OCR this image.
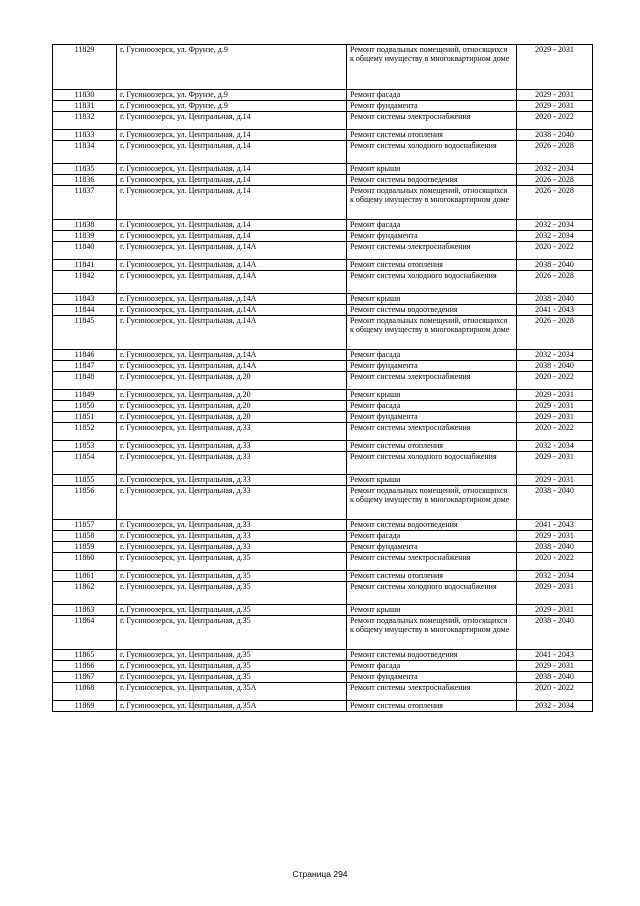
11829	г. Гусиноозерск, ул. Фрунзе, д.9	Ремонт подвальных помещений, относящихся к общему имуществу в многоквартирном доме	2029 - 2031
11830	г. Гусиноозерск, ул. Фрунзе, д.9	Ремонт фасада	2029 - 2031
11831	г. Гусиноозерск, ул. Фрунзе, д.9	Ремонт фундамента	2029 - 2031
11832	г. Гусиноозерск, ул. Центральная, д.14	Ремонт системы электроснабжения	2020 - 2022
11833	г. Гусиноозерск, ул. Центральная, д.14	Ремонт системы отопления	2038 - 2040
11834	г. Гусиноозерск, ул. Центральная, д.14	Ремонт системы холодного водоснабжения	2026 - 2028
11835	г. Гусиноозерск, ул. Центральная, д.14	Ремонт крыши	2032 - 2034
11836	г. Гусиноозерск, ул. Центральная, д.14	Ремонт системы водоотведения	2026 - 2028
11837	г. Гусиноозерск, ул. Центральная, д.14	Ремонт подвальных помещений, относящихся к общему имуществу в многоквартирном доме	2026 - 2028
11838	г. Гусиноозерск, ул. Центральная, д.14	Ремонт фасада	2032 - 2034
11839	г. Гусиноозерск, ул. Центральная, д.14	Ремонт фундамента	2032 - 2034
11840	г. Гусиноозерск, ул. Центральная, д.14А	Ремонт системы электроснабжения	2020 - 2022
11841	г. Гусиноозерск, ул. Центральная, д.14А	Ремонт системы отопления	2038 - 2040
11842	г. Гусиноозерск, ул. Центральная, д.14А	Ремонт системы холодного водоснабжения	2026 - 2028
11843	г. Гусиноозерск, ул. Центральная, д.14А	Ремонт крыши	2038 - 2040
11844	г. Гусиноозерск, ул. Центральная, д.14А	Ремонт системы водоотведения	2041 - 2043
11845	г. Гусиноозерск, ул. Центральная, д.14А	Ремонт подвальных помещений, относящихся к общему имуществу в многоквартирном доме	2026 - 2028
11846	г. Гусиноозерск, ул. Центральная, д.14А	Ремонт фасада	2032 - 2034
11847	г. Гусиноозерск, ул. Центральная, д.14А	Ремонт фундамента	2038 - 2040
11848	г. Гусиноозерск, ул. Центральная, д.20	Ремонт системы электроснабжения	2020 - 2022
11849	г. Гусиноозерск, ул. Центральная, д.20	Ремонт крыши	2029 - 2031
11850	г. Гусиноозерск, ул. Центральная, д.20	Ремонт фасада	2029 - 2031
11851	г. Гусиноозерск, ул. Центральная, д.20	Ремонт фундамента	2029 - 2031
11852	г. Гусиноозерск, ул. Центральная, д.33	Ремонт системы электроснабжения	2020 - 2022
11853	г. Гусиноозерск, ул. Центральная, д.33	Ремонт системы отопления	2032 - 2034
11854	г. Гусиноозерск, ул. Центральная, д.33	Ремонт системы холодного водоснабжения	2029 - 2031
11855	г. Гусиноозерск, ул. Центральная, д.33	Ремонт крыши	2029 - 2031
11856	г. Гусиноозерск, ул. Центральная, д.33	Ремонт подвальных помещений, относящихся к общему имуществу в многоквартирном доме	2038 - 2040
11857	г. Гусиноозерск, ул. Центральная, д.33	Ремонт системы водоотведения	2041 - 2043
11858	г. Гусиноозерск, ул. Центральная, д.33	Ремонт фасада	2029 - 2031
11859	г. Гусиноозерск, ул. Центральная, д.33	Ремонт фундамента	2038 - 2040
11860	г. Гусиноозерск, ул. Центральная, д.35	Ремонт системы электроснабжения	2020 - 2022
11861	г. Гусиноозерск, ул. Центральная, д.35	Ремонт системы отопления	2032 - 2034
11862	г. Гусиноозерск, ул. Центральная, д.35	Ремонт системы холодного водоснабжения	2029 - 2031
11863	г. Гусиноозерск, ул. Центральная, д.35	Ремонт крыши	2029 - 2031
11864	г. Гусиноозерск, ул. Центральная, д.35	Ремонт подвальных помещений, относящихся к общему имуществу в многоквартирном доме	2038 - 2040
11865	г. Гусиноозерск, ул. Центральная, д.35	Ремонт системы водоотведения	2041 - 2043
11866	г. Гусиноозерск, ул. Центральная, д.35	Ремонт фасада	2029 - 2031
11867	г. Гусиноозерск, ул. Центральная, д.35	Ремонт фундамента	2038 - 2040
11868	г. Гусиноозерск, ул. Центральная, д.35А	Ремонт системы электроснабжения	2020 - 2022
11869	г. Гусиноозерск, ул. Центральная, д.35А	Ремонт системы отопления	2032 - 2034
Страница 294
